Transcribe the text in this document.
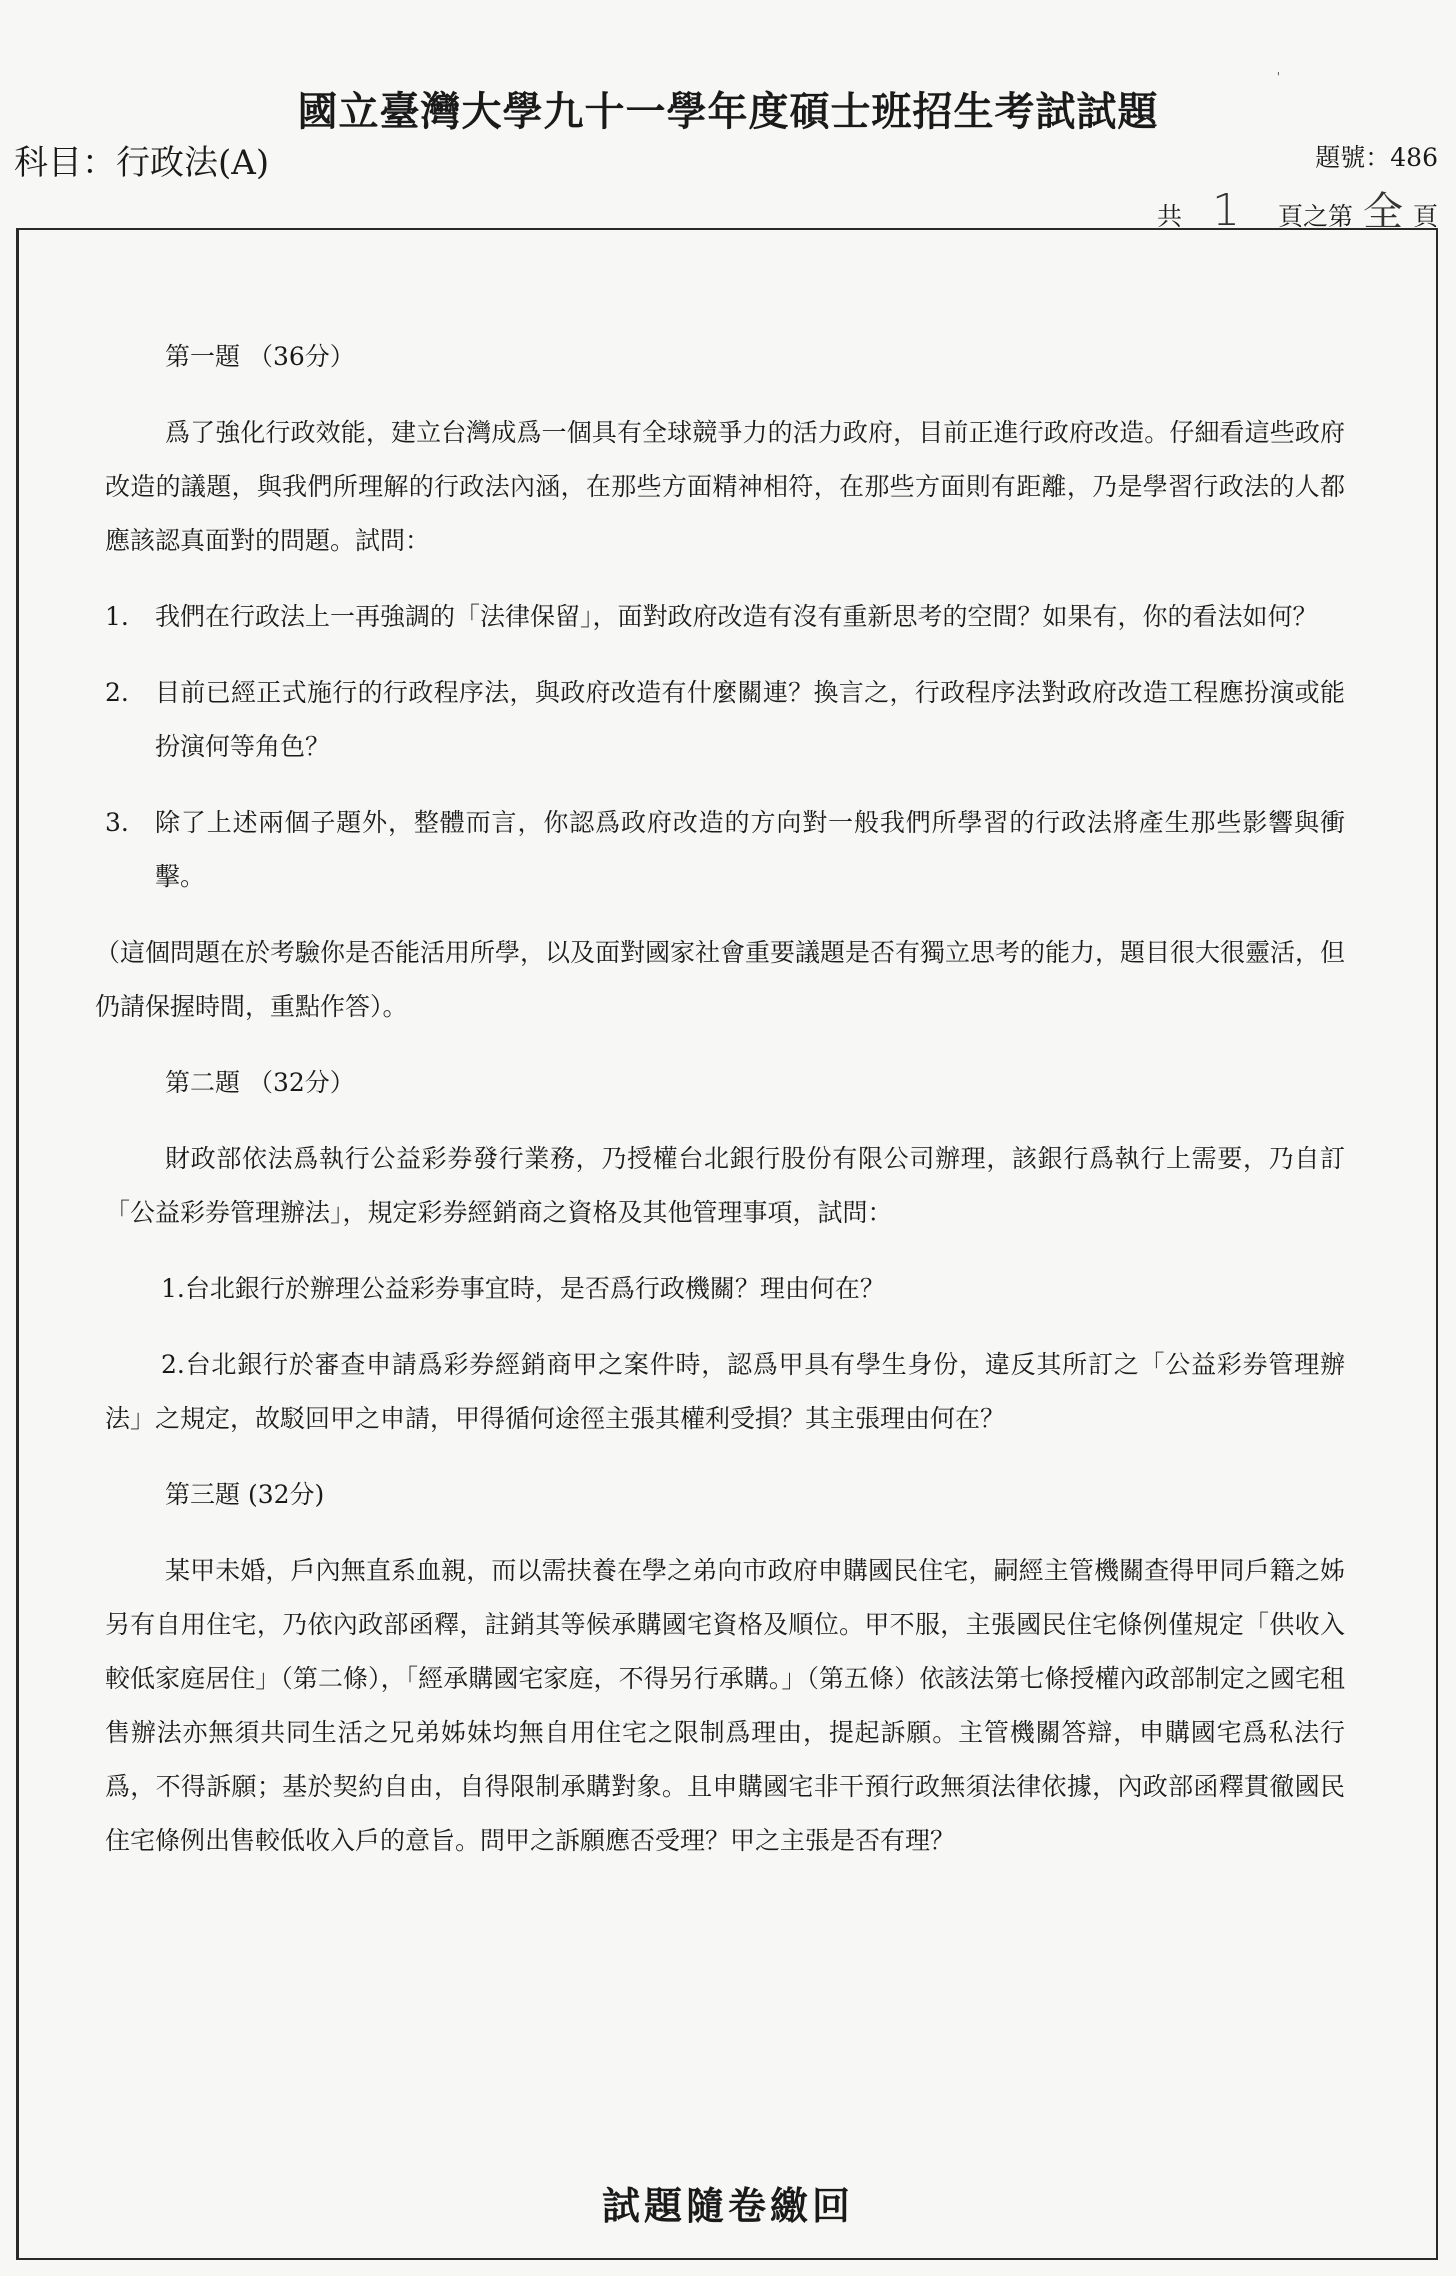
'
國立臺灣大學九十一學年度碩士班招生考試試題
科目：行政法(A)	題號：486
共 1 頁之第 全 頁

第一題 （36分）

爲了強化行政效能，建立台灣成爲一個具有全球競爭力的活力政府，目前正進行政府改造。仔細看這些政府改造的議題，與我們所理解的行政法內涵，在那些方面精神相符，在那些方面則有距離，乃是學習行政法的人都應該認真面對的問題。試問：

1.	我們在行政法上一再強調的「法律保留」，面對政府改造有沒有重新思考的空間？如果有，你的看法如何？
2.	目前已經正式施行的行政程序法，與政府改造有什麼關連？換言之，行政程序法對政府改造工程應扮演或能扮演何等角色？
3.	除了上述兩個子題外，整體而言，你認爲政府改造的方向對一般我們所學習的行政法將產生那些影響與衝擊。

（這個問題在於考驗你是否能活用所學，以及面對國家社會重要議題是否有獨立思考的能力，題目很大很靈活，但仍請保握時間，重點作答）。

第二題 （32分）

財政部依法爲執行公益彩券發行業務，乃授權台北銀行股份有限公司辦理，該銀行爲執行上需要，乃自訂「公益彩券管理辦法」，規定彩券經銷商之資格及其他管理事項，試問：

1.台北銀行於辦理公益彩券事宜時，是否爲行政機關？理由何在？

2.台北銀行於審查申請爲彩券經銷商甲之案件時，認爲甲具有學生身份，違反其所訂之「公益彩券管理辦法」之規定，故駁回甲之申請，甲得循何途徑主張其權利受損？其主張理由何在？

第三題 (32分)

某甲未婚，戶內無直系血親，而以需扶養在學之弟向市政府申購國民住宅，嗣經主管機關查得甲同戶籍之姊另有自用住宅，乃依內政部函釋，註銷其等候承購國宅資格及順位。甲不服，主張國民住宅條例僅規定「供收入較低家庭居住」（第二條），「經承購國宅家庭，不得另行承購。」（第五條）依該法第七條授權內政部制定之國宅租售辦法亦無須共同生活之兄弟姊妹均無自用住宅之限制爲理由，提起訴願。主管機關答辯，申購國宅爲私法行爲，不得訴願；基於契約自由，自得限制承購對象。且申購國宅非干預行政無須法律依據，內政部函釋貫徹國民住宅條例出售較低收入戶的意旨。問甲之訴願應否受理？甲之主張是否有理？

試題隨卷繳回
